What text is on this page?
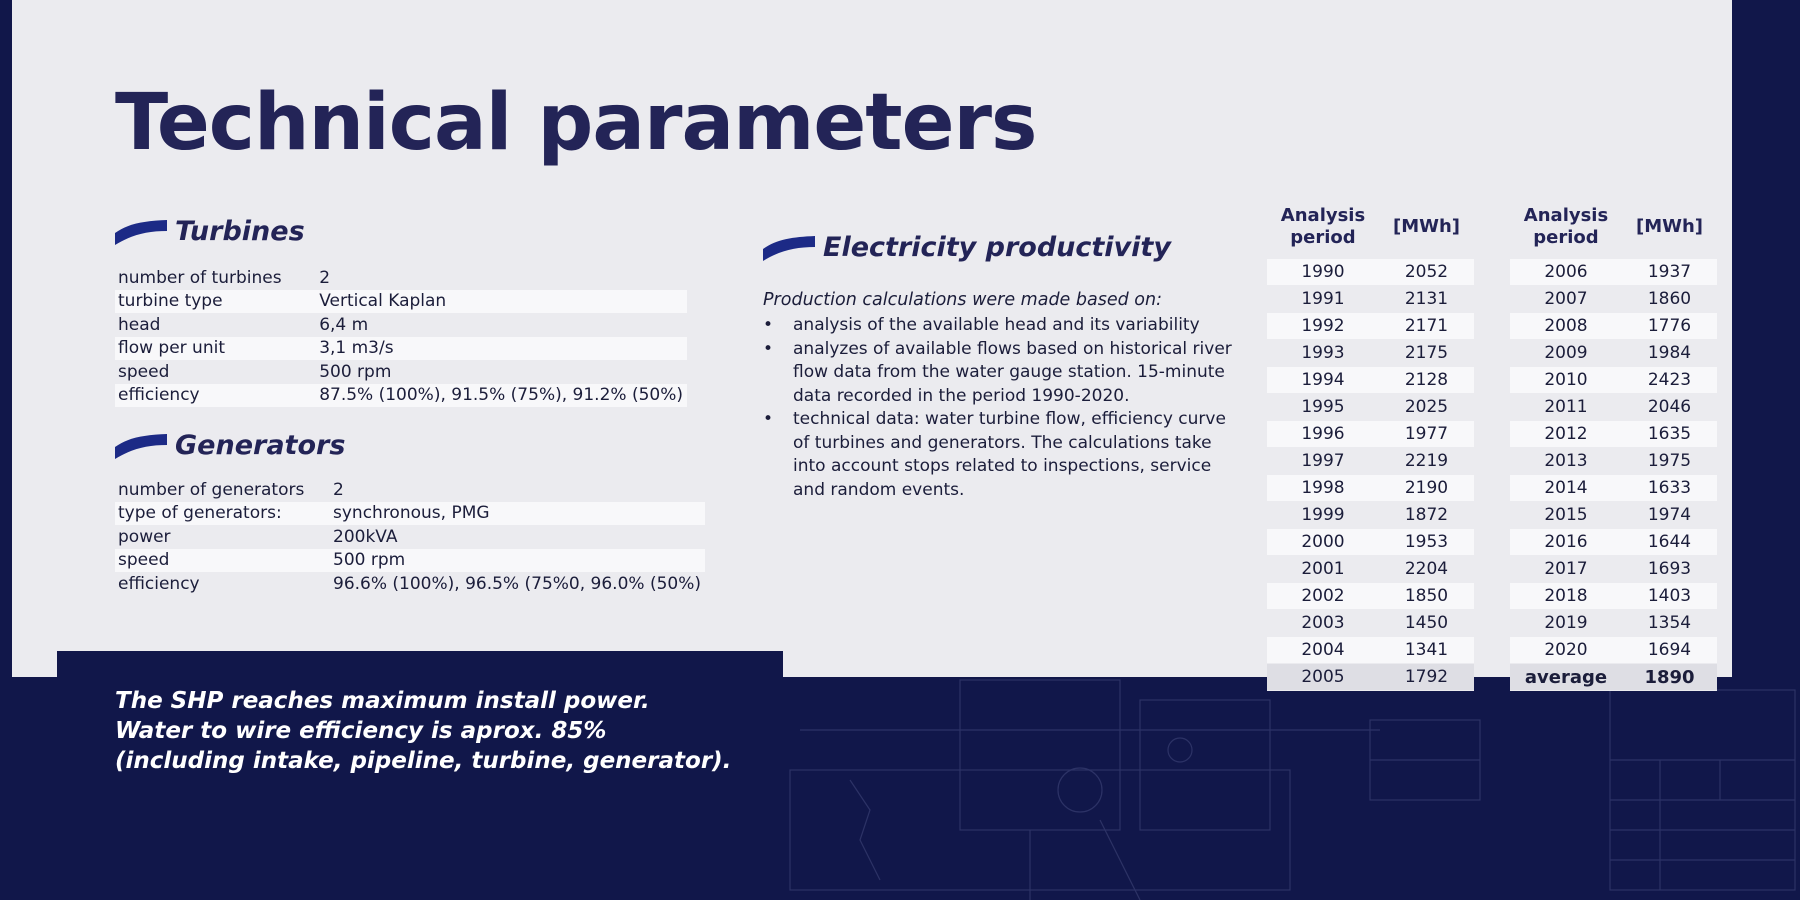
Technical parameters
Turbines
number of turbines	2
turbine type	Vertical Kaplan
head	6,4 m
flow per unit	3,1 m3/s
speed	500 rpm
efficiency	87.5% (100%), 91.5% (75%), 91.2% (50%)
Generators
number of generators	2
type of generators:	synchronous, PMG
power	200kVA
speed	500 rpm
efficiency	96.6% (100%), 96.5% (75%0, 96.0% (50%)
Electricity productivity

Production calculations were made based on:

• analysis of the available head and its variability
• analyzes of available flows based on historical river flow data from the water gauge station. 15-minute data recorded in the period 1990-2020.
• technical data: water turbine flow, efficiency curve of turbines and generators. The calculations take into account stops related to inspections, service and random events.
Analysis period	[MWh]
1990	2052
1991	2131
1992	2171
1993	2175
1994	2128
1995	2025
1996	1977
1997	2219
1998	2190
1999	1872
2000	1953
2001	2204
2002	1850
2003	1450
2004	1341
2005	1792
Analysis period	[MWh]
2006	1937
2007	1860
2008	1776
2009	1984
2010	2423
2011	2046
2012	1635
2013	1975
2014	1633
2015	1974
2016	1644
2017	1693
2018	1403
2019	1354
2020	1694
average	1890

The SHP reaches maximum install power.
Water to wire efficiency is aprox. 85%
(including intake, pipeline, turbine, generator).
